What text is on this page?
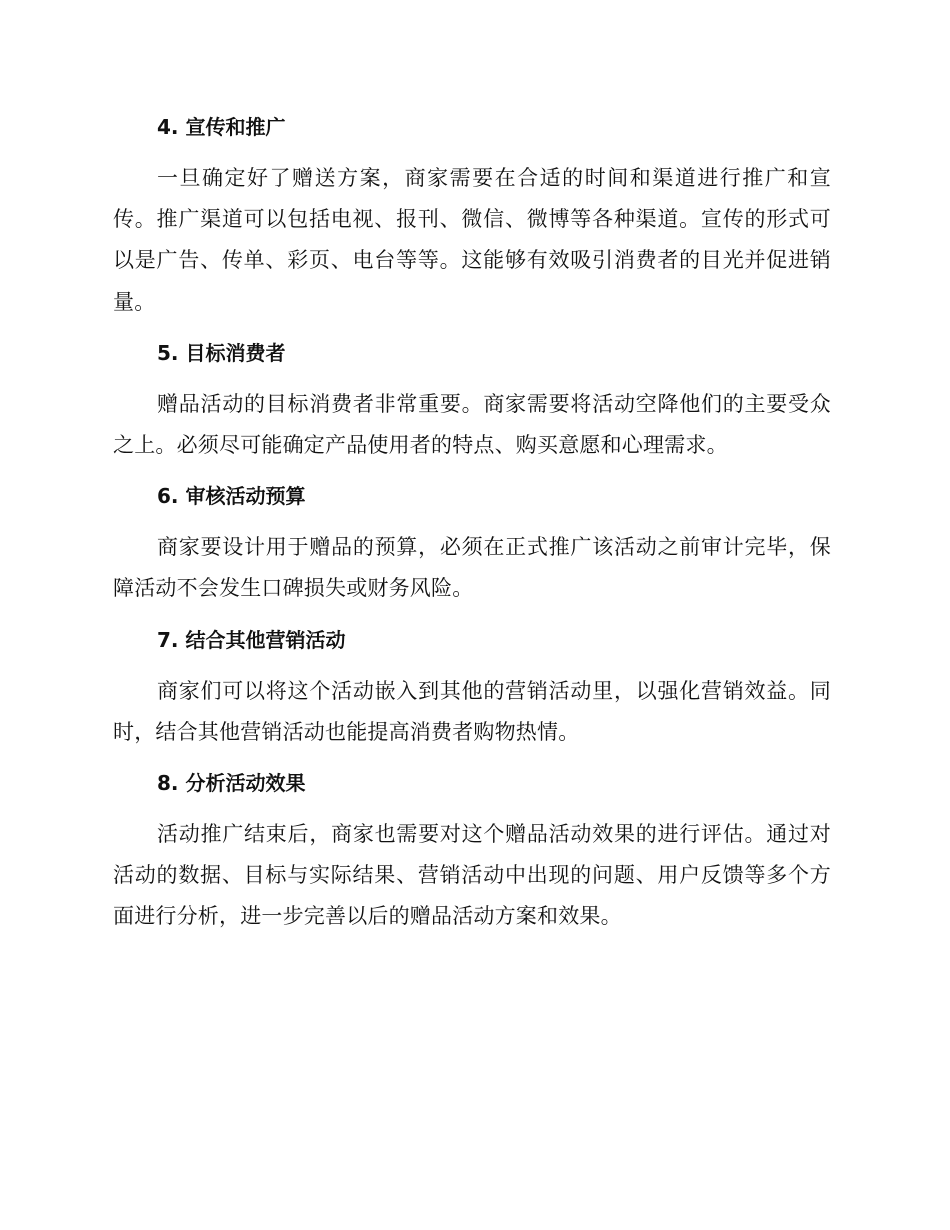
4. 宣传和推广

一旦确定好了赠送方案，商家需要在合适的时间和渠道进行推广和宣传。推广渠道可以包括电视、报刊、微信、微博等各种渠道。宣传的形式可以是广告、传单、彩页、电台等等。这能够有效吸引消费者的目光并促进销量。

5. 目标消费者

赠品活动的目标消费者非常重要。商家需要将活动空降他们的主要受众之上。必须尽可能确定产品使用者的特点、购买意愿和心理需求。

6. 审核活动预算

商家要设计用于赠品的预算，必须在正式推广该活动之前审计完毕，保障活动不会发生口碑损失或财务风险。

7. 结合其他营销活动

商家们可以将这个活动嵌入到其他的营销活动里，以强化营销效益。同时，结合其他营销活动也能提高消费者购物热情。

8. 分析活动效果

活动推广结束后，商家也需要对这个赠品活动效果的进行评估。通过对活动的数据、目标与实际结果、营销活动中出现的问题、用户反馈等多个方面进行分析，进一步完善以后的赠品活动方案和效果。
